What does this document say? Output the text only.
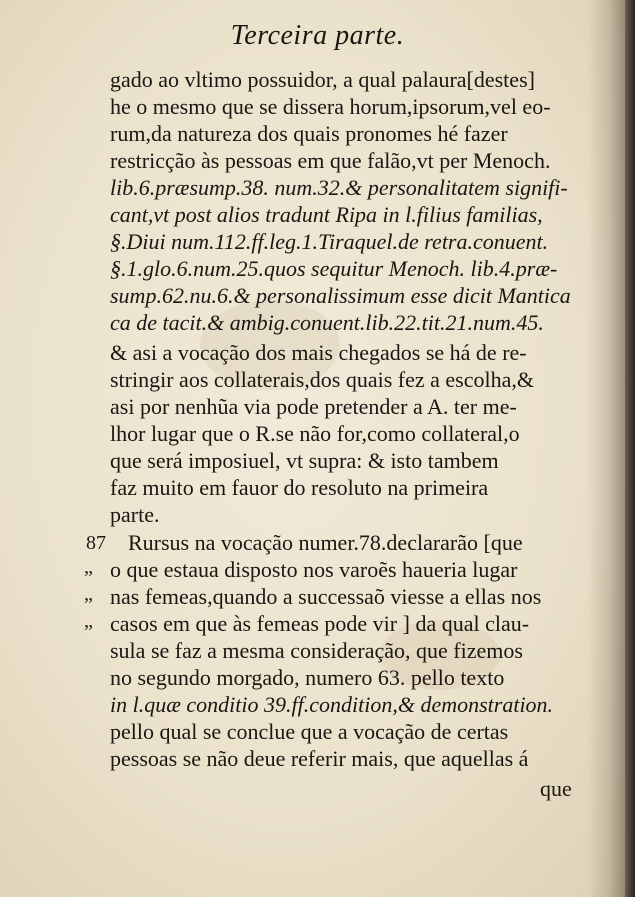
Terceira parte.
gado ao vltimo possuidor, a qual palaura[destes]
he o mesmo que se dissera horum,ipsorum,vel eo-
rum,da natureza dos quais pronomes hé fazer
restricção às pessoas em que falão,vt per Menoch.
lib.6.præsump.38. num.32.& personalitatem signifi-
cant,vt post alios tradunt Ripa in l.filius familias,
§.Diui num.112.ff.leg.1.Tiraquel.de retra.conuent.
§.1.glo.6.num.25.quos sequitur Menoch. lib.4.præ-
sump.62.nu.6.& personalissimum esse dicit Mantica
ca de tacit.& ambig.conuent.lib.22.tit.21.num.45.
& asi a vocação dos mais chegados se há de re-
stringir aos collaterais,dos quais fez a escolha,&
asi por nenhũa via pode pretender a A. ter me-
lhor lugar que o R.se não for,como collateral,o
que será imposiuel, vt supra: & isto tambem
faz muito em fauor do resoluto na primeira
parte.
87 Rursus na vocação numer.78.declararão [que
„ o que estaua disposto nos varoẽs haueria lugar
„ nas femeas,quando a successaõ viesse a ellas nos
„ casos em que às femeas pode vir ] da qual clau-
sula se faz a mesma consideração, que fizemos
no segundo morgado, numero 63. pello texto
in l.quæ conditio 39.ff.condition,& demonstration.
pello qual se conclue que a vocação de certas
pessoas se não deue referir mais, que aquellas á
que
